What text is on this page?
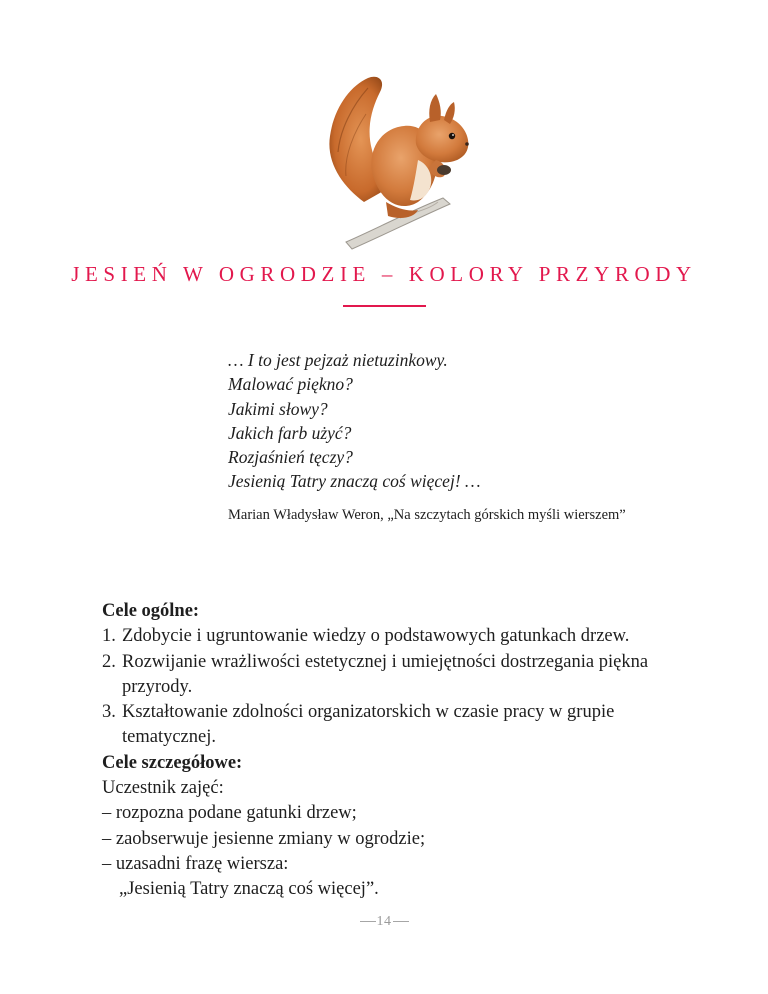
JESIEŃ W OGRODZIE – KOLORY PRZYRODY
… I to jest pejzaż nietuzinkowy.
Malować piękno?
Jakimi słowy?
Jakich farb użyć?
Rozjaśnień tęczy?
Jesienią Tatry znaczą coś więcej! …
Marian Władysław Weron, „Na szczytach górskich myśli wierszem”
Cele ogólne:
1. Zdobycie i ugruntowanie wiedzy o podstawowych gatunkach drzew.
2. Rozwijanie wrażliwości estetycznej i umiejętności dostrzegania piękna przyrody.
3. Kształtowanie zdolności organizatorskich w czasie pracy w grupie tematycznej.
Cele szczegółowe:
Uczestnik zajęć:
– rozpozna podane gatunki drzew;
– zaobserwuje jesienne zmiany w ogrodzie;
– uzasadni frazę wiersza:
„Jesienią Tatry znaczą coś więcej”.
14
